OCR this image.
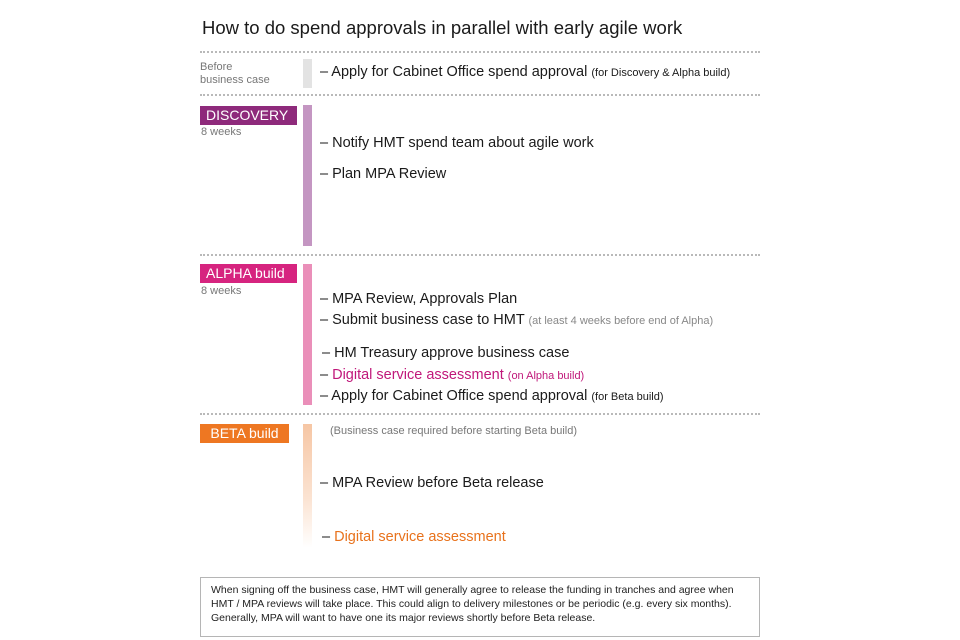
How to do spend approvals in parallel with early agile work
Before
business case	– Apply for Cabinet Office spend approval (for Discovery & Alpha build)
DISCOVERY
8 weeks
– Notify HMT spend team about agile work
– Plan MPA Review
ALPHA build
8 weeks	– MPA Review, Approvals Plan
– Submit business case to HMT (at least 4 weeks before end of Alpha)
– HM Treasury approve business case
– Digital service assessment (on Alpha build)
– Apply for Cabinet Office spend approval (for Beta build)
BETA build	(Business case required before starting Beta build)
– MPA Review before Beta release
– Digital service assessment
When signing off the business case, HMT will generally agree to release the funding in tranches and agree when HMT / MPA reviews will take place. This could align to delivery milestones or be periodic (e.g. every six months). Generally, MPA will want to have one its major reviews shortly before Beta release.
